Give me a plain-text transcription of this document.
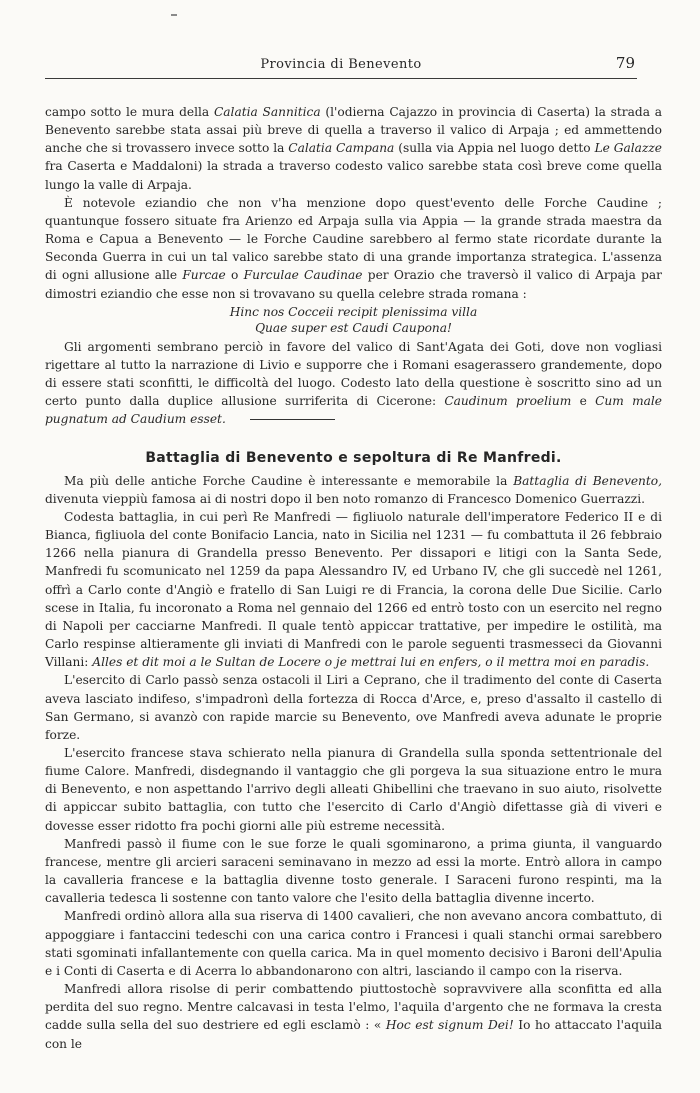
Provincia di Benevento	79

campo sotto le mura della Calatia Sannitica (l'odierna Cajazzo in provincia di Caserta) la strada a Benevento sarebbe stata assai più breve di quella a traverso il valico di Arpaja ; ed ammettendo anche che si trovassero invece sotto la Calatia Campana (sulla via Appia nel luogo detto Le Galazze fra Caserta e Maddaloni) la strada a traverso codesto valico sarebbe stata così breve come quella lungo la valle di Arpaja.

È notevole eziandio che non v'ha menzione dopo quest'evento delle Forche Caudine ; quantunque fossero situate fra Arienzo ed Arpaja sulla via Appia — la grande strada maestra da Roma e Capua a Benevento — le Forche Caudine sarebbero al fermo state ricordate durante la Seconda Guerra in cui un tal valico sarebbe stato di una grande importanza strategica. L'assenza di ogni allusione alle Furcae o Furculae Caudinae per Orazio che traversò il valico di Arpaja par dimostri eziandio che esse non si trovavano su quella celebre strada romana :

Hinc nos Cocceii recipit plenissima villa
Quae super est Caudi Caupona!

Gli argomenti sembrano perciò in favore del valico di Sant'Agata dei Goti, dove non vogliasi rigettare al tutto la narrazione di Livio e supporre che i Romani esagerassero grandemente, dopo di essere stati sconfitti, le difficoltà del luogo. Codesto lato della questione è soscritto sino ad un certo punto dalla duplice allusione surriferita di Cicerone: Caudinum proelium e Cum male pugnatum ad Caudium esset.

Battaglia di Benevento e sepoltura di Re Manfredi.

Ma più delle antiche Forche Caudine è interessante e memorabile la Battaglia di Benevento, divenuta vieppiù famosa ai di nostri dopo il ben noto romanzo di Francesco Domenico Guerrazzi.

Codesta battaglia, in cui perì Re Manfredi — figliuolo naturale dell'imperatore Federico II e di Bianca, figliuola del conte Bonifacio Lancia, nato in Sicilia nel 1231 — fu combattuta il 26 febbraio 1266 nella pianura di Grandella presso Benevento. Per dissapori e litigi con la Santa Sede, Manfredi fu scomunicato nel 1259 da papa Alessandro IV, ed Urbano IV, che gli succedè nel 1261, offrì a Carlo conte d'Angiò e fratello di San Luigi re di Francia, la corona delle Due Sicilie. Carlo scese in Italia, fu incoronato a Roma nel gennaio del 1266 ed entrò tosto con un esercito nel regno di Napoli per cacciarne Manfredi. Il quale tentò appiccar trattative, per impedire le ostilità, ma Carlo respinse altieramente gli inviati di Manfredi con le parole seguenti trasmesseci da Giovanni Villani: Alles et dit moi a le Sultan de Locere o je mettrai lui en enfers, o il mettra moi en paradis.

L'esercito di Carlo passò senza ostacoli il Liri a Ceprano, che il tradimento del conte di Caserta aveva lasciato indifeso, s'impadronì della fortezza di Rocca d'Arce, e, preso d'assalto il castello di San Germano, si avanzò con rapide marcie su Benevento, ove Manfredi aveva adunate le proprie forze.

L'esercito francese stava schierato nella pianura di Grandella sulla sponda settentrionale del fiume Calore. Manfredi, disdegnando il vantaggio che gli porgeva la sua situazione entro le mura di Benevento, e non aspettando l'arrivo degli alleati Ghibellini che traevano in suo aiuto, risolvette di appiccar subito battaglia, con tutto che l'esercito di Carlo d'Angiò difettasse già di viveri e dovesse esser ridotto fra pochi giorni alle più estreme necessità.

Manfredi passò il fiume con le sue forze le quali sgominarono, a prima giunta, il vanguardo francese, mentre gli arcieri saraceni seminavano in mezzo ad essi la morte. Entrò allora in campo la cavalleria francese e la battaglia divenne tosto generale. I Saraceni furono respinti, ma la cavalleria tedesca li sostenne con tanto valore che l'esito della battaglia divenne incerto.

Manfredi ordinò allora alla sua riserva di 1400 cavalieri, che non avevano ancora combattuto, di appoggiare i fantaccini tedeschi con una carica contro i Francesi i quali stanchi ormai sarebbero stati sgominati infallantemente con quella carica. Ma in quel momento decisivo i Baroni dell'Apulia e i Conti di Caserta e di Acerra lo abbandonarono con altri, lasciando il campo con la riserva.

Manfredi allora risolse di perir combattendo piuttostochè sopravvivere alla sconfitta ed alla perdita del suo regno. Mentre calcavasi in testa l'elmo, l'aquila d'argento che ne formava la cresta cadde sulla sella del suo destriere ed egli esclamò : « Hoc est signum Dei! Io ho attaccato l'aquila con le
